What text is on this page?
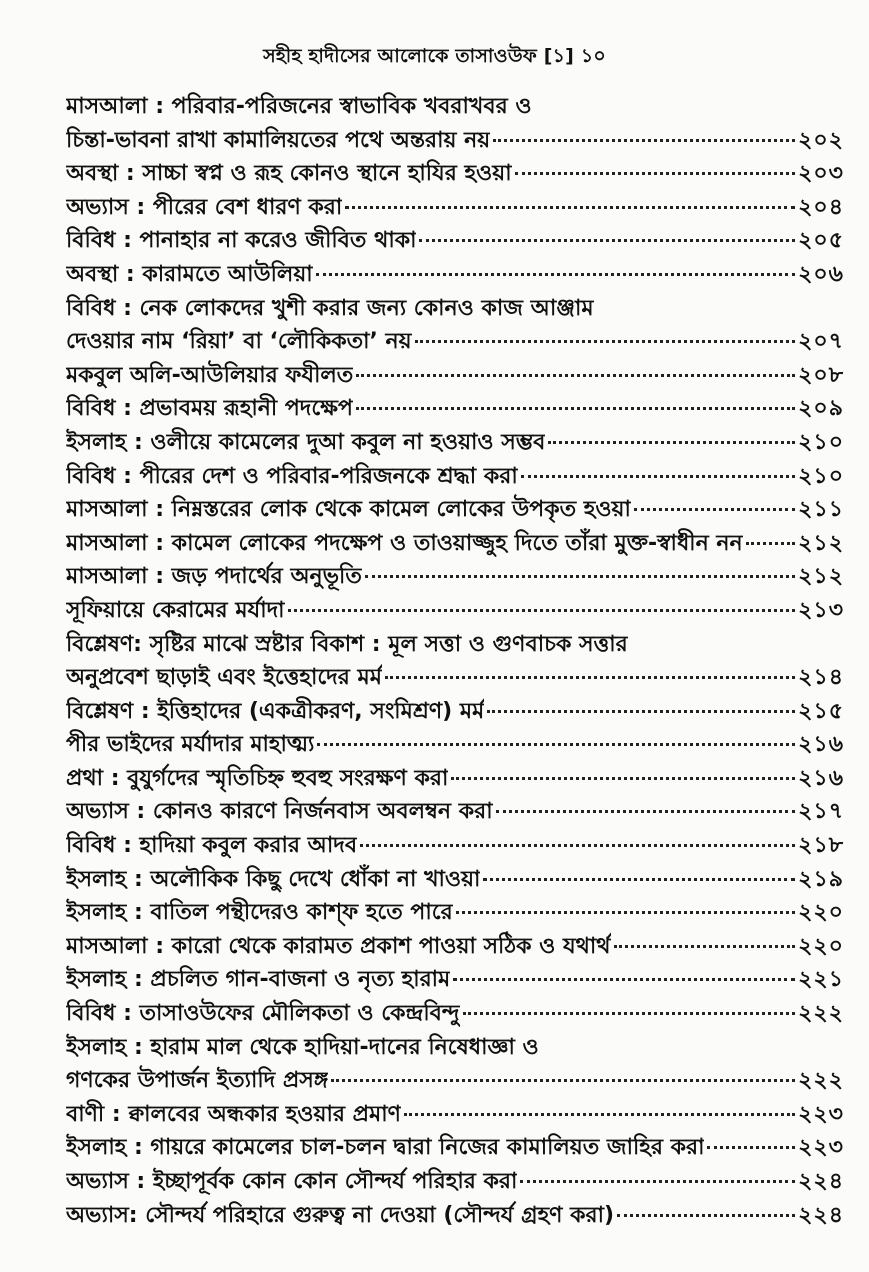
সহীহ হাদীসের আলোকে তাসাওউফ [১] ১০
মাসআলা : পরিবার-পরিজনের স্বাভাবিক খবরাখবর ও
চিন্তা-ভাবনা রাখা কামালিয়তের পথে অন্তরায় নয়	২০২
অবস্থা : সাচ্চা স্বপ্ন ও রূহ কোনও স্থানে হাযির হওয়া	২০৩
অভ্যাস : পীরের বেশ ধারণ করা	২০৪
বিবিধ : পানাহার না করেও জীবিত থাকা	২০৫
অবস্থা : কারামতে আউলিয়া	২০৬
বিবিধ : নেক লোকদের খুশী করার জন্য কোনও কাজ আঞ্জাম
দেওয়ার নাম ‘রিয়া’ বা ‘লৌকিকতা’ নয়	২০৭
মকবুল অলি-আউলিয়ার ফযীলত	২০৮
বিবিধ : প্রভাবময় রূহানী পদক্ষেপ	২০৯
ইসলাহ : ওলীয়ে কামেলের দুআ কবুল না হওয়াও সম্ভব	২১০
বিবিধ : পীরের দেশ ও পরিবার-পরিজনকে শ্রদ্ধা করা	২১০
মাসআলা : নিম্নস্তরের লোক থেকে কামেল লোকের উপকৃত হওয়া	২১১
মাসআলা : কামেল লোকের পদক্ষেপ ও তাওয়াজ্জুহ দিতে তাঁরা মুক্ত-স্বাধীন নন	২১২
মাসআলা : জড় পদার্থের অনুভূতি	২১২
সূফিয়ায়ে কেরামের মর্যাদা	২১৩
বিশ্লেষণ: সৃষ্টির মাঝে স্রষ্টার বিকাশ : মূল সত্তা ও গুণবাচক সত্তার
অনুপ্রবেশ ছাড়াই এবং ইত্তেহাদের মর্ম	২১৪
বিশ্লেষণ : ইত্তিহাদের (একত্রীকরণ, সংমিশ্রণ) মর্ম	২১৫
পীর ভাইদের মর্যাদার মাহাত্ম্য	২১৬
প্রথা : বুযুর্গদের স্মৃতিচিহ্ন হুবহু সংরক্ষণ করা	২১৬
অভ্যাস : কোনও কারণে নির্জনবাস অবলম্বন করা	২১৭
বিবিধ : হাদিয়া কবুল করার আদব	২১৮
ইসলাহ : অলৌকিক কিছু দেখে ধোঁকা না খাওয়া	২১৯
ইসলাহ : বাতিল পন্থীদেরও কাশ্‌ফ হতে পারে	২২০
মাসআলা : কারো থেকে কারামত প্রকাশ পাওয়া সঠিক ও যথার্থ	২২০
ইসলাহ : প্রচলিত গান-বাজনা ও নৃত্য হারাম	২২১
বিবিধ : তাসাওউফের মৌলিকতা ও কেন্দ্রবিন্দু	২২২
ইসলাহ : হারাম মাল থেকে হাদিয়া-দানের নিষেধাজ্ঞা ও
গণকের উপার্জন ইত্যাদি প্রসঙ্গ	২২২
বাণী : ক্বালবের অন্ধকার হওয়ার প্রমাণ	২২৩
ইসলাহ : গায়রে কামেলের চাল-চলন দ্বারা নিজের কামালিয়ত জাহির করা	২২৩
অভ্যাস : ইচ্ছাপূর্বক কোন কোন সৌন্দর্য পরিহার করা	২২৪
অভ্যাস: সৌন্দর্য পরিহারে গুরুত্ব না দেওয়া (সৌন্দর্য গ্রহণ করা)	২২৪
